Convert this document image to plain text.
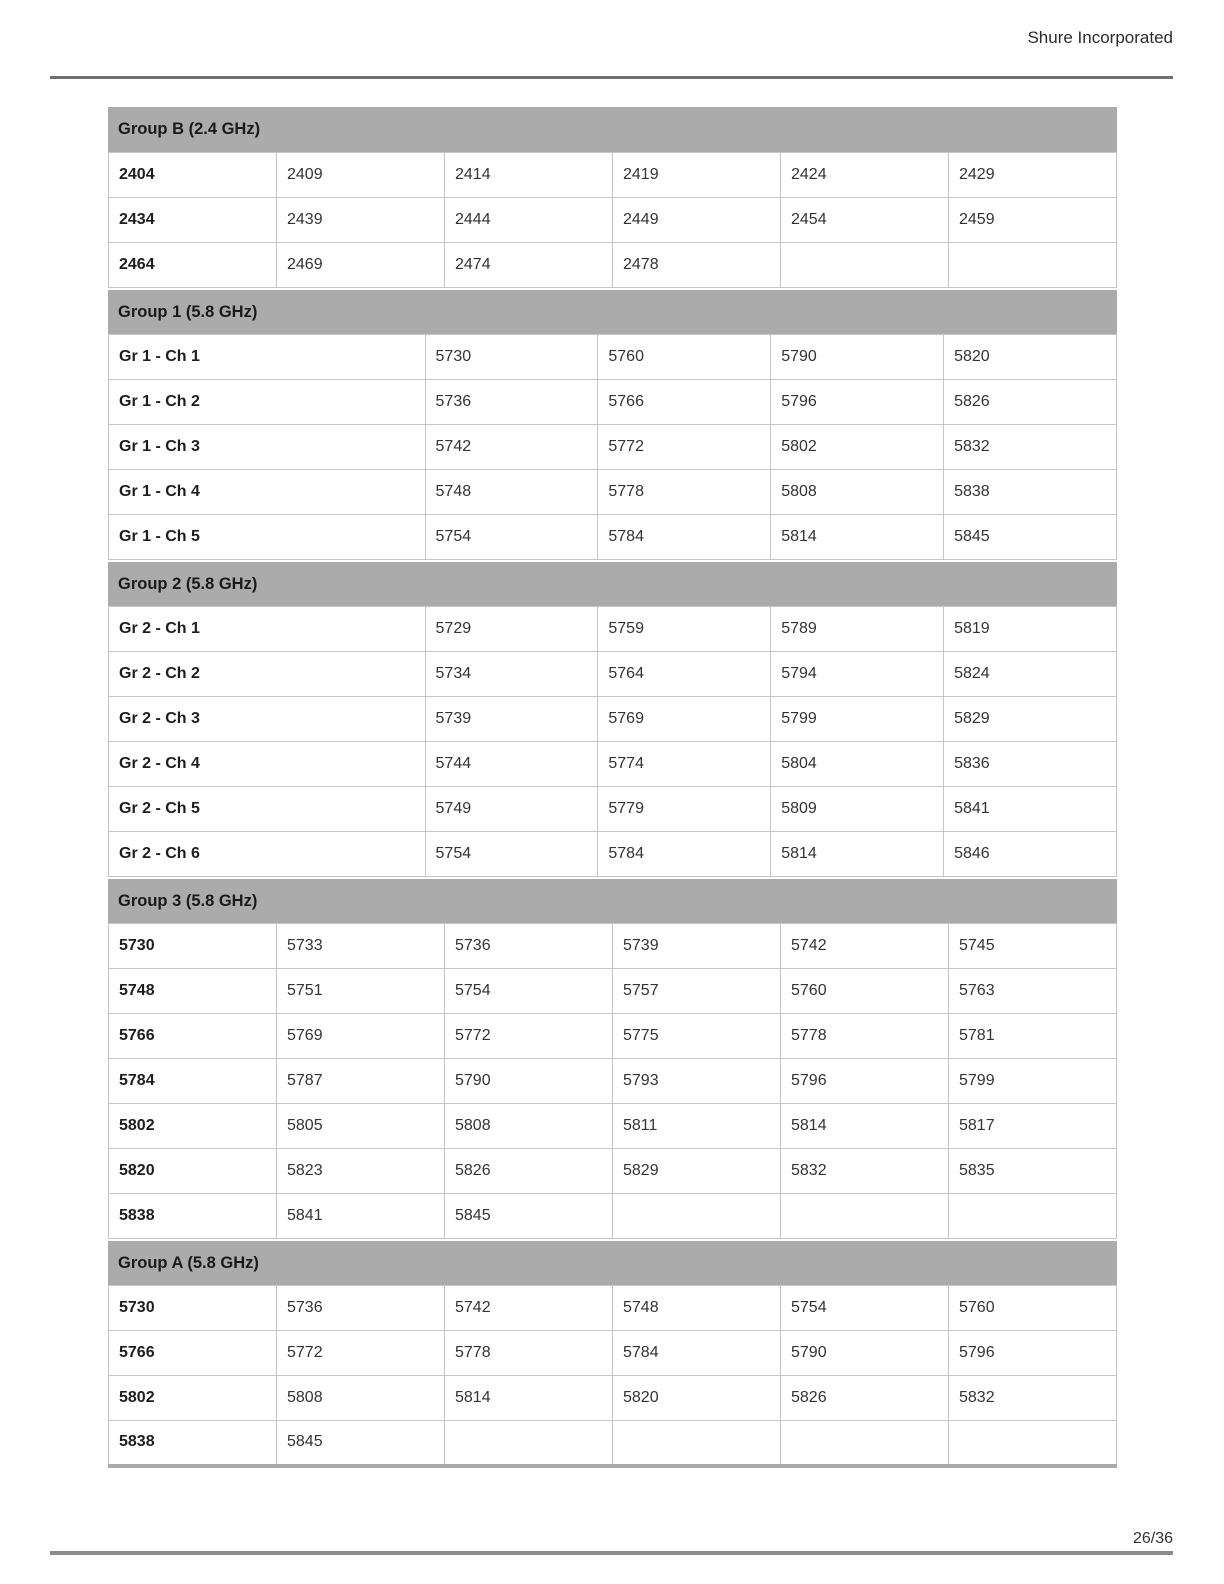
Shure Incorporated
Group B (2.4 GHz)
2404	2409	2414	2419	2424	2429
2434	2439	2444	2449	2454	2459
2464	2469	2474	2478		
Group 1 (5.8 GHz)
Gr 1 - Ch 1	5730	5760	5790	5820
Gr 1 - Ch 2	5736	5766	5796	5826
Gr 1 - Ch 3	5742	5772	5802	5832
Gr 1 - Ch 4	5748	5778	5808	5838
Gr 1 - Ch 5	5754	5784	5814	5845
Group 2 (5.8 GHz)
Gr 2 - Ch 1	5729	5759	5789	5819
Gr 2 - Ch 2	5734	5764	5794	5824
Gr 2 - Ch 3	5739	5769	5799	5829
Gr 2 - Ch 4	5744	5774	5804	5836
Gr 2 - Ch 5	5749	5779	5809	5841
Gr 2 - Ch 6	5754	5784	5814	5846
Group 3 (5.8 GHz)
5730	5733	5736	5739	5742	5745
5748	5751	5754	5757	5760	5763
5766	5769	5772	5775	5778	5781
5784	5787	5790	5793	5796	5799
5802	5805	5808	5811	5814	5817
5820	5823	5826	5829	5832	5835
5838	5841	5845			
Group A (5.8 GHz)
5730	5736	5742	5748	5754	5760
5766	5772	5778	5784	5790	5796
5802	5808	5814	5820	5826	5832
5838	5845				
26/36
